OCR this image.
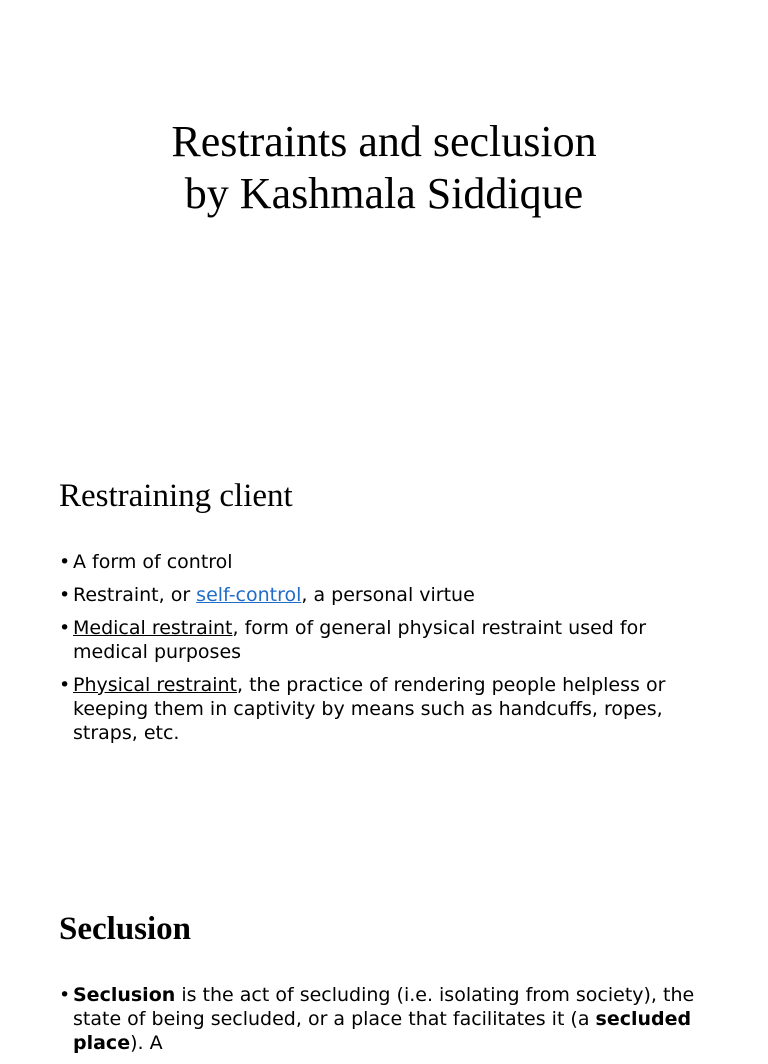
Restraints and seclusion
by Kashmala Siddique
Restraining client
• A form of control
• Restraint, or self-control, a personal virtue
• Medical restraint, form of general physical restraint used for medical purposes
• Physical restraint, the practice of rendering people helpless or keeping them in captivity by means such as handcuffs, ropes, straps, etc.
Seclusion
• Seclusion is the act of secluding (i.e. isolating from society), the state of being secluded, or a place that facilitates it (a secluded place). A
